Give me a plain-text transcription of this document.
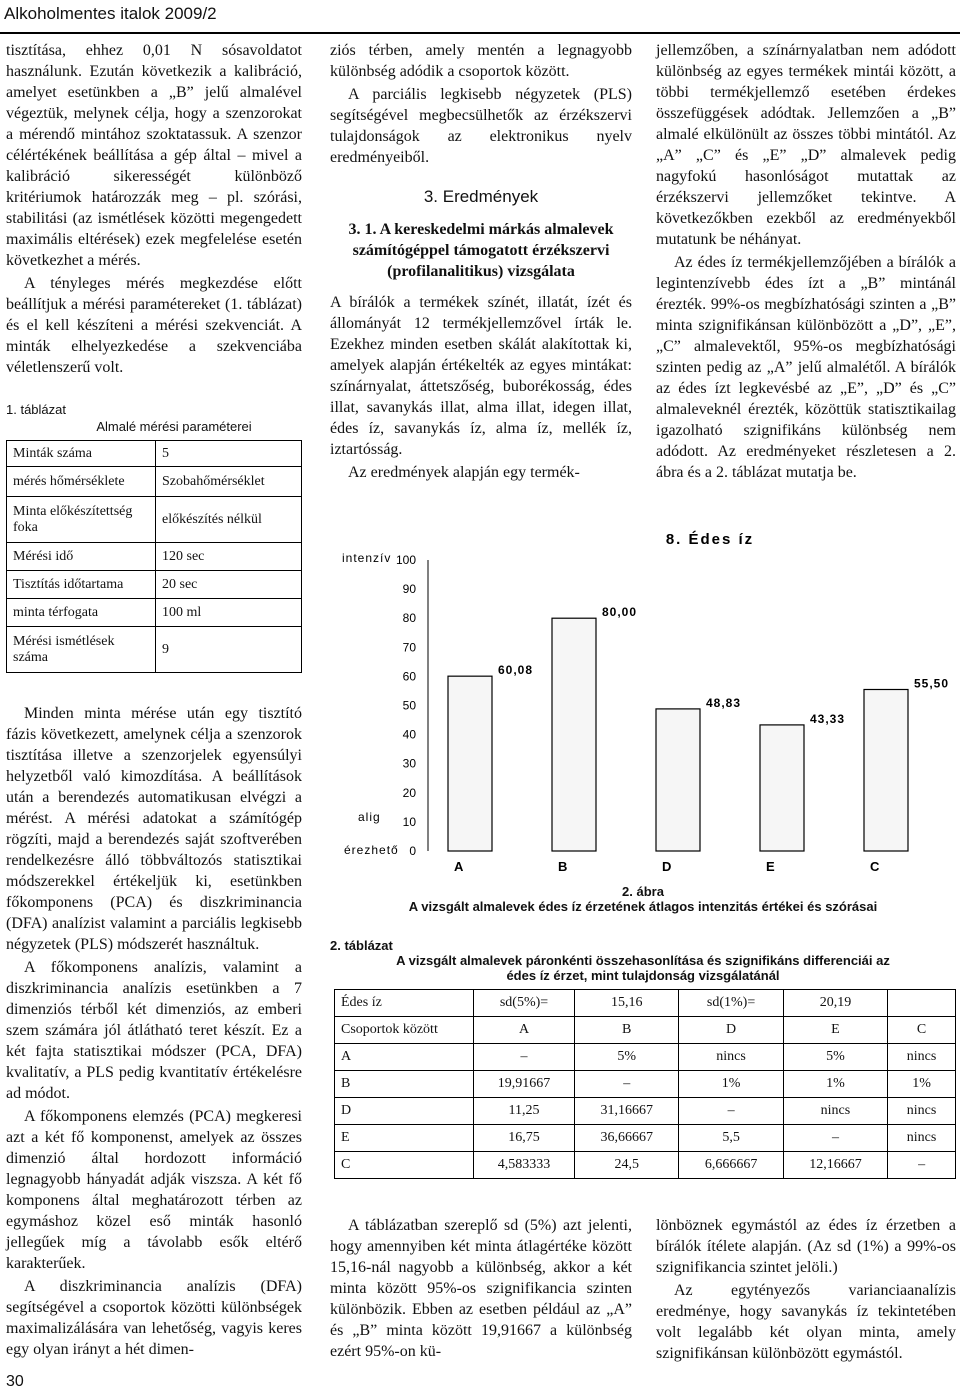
Alkoholmentes italok 2009/2

tisztítása, ehhez 0,01 N sósavoldatot használunk. Ezután következik a kalibráció, amelyet esetünkben a „B” jelű almalével végeztük, melynek célja, hogy a szenzorokat a mérendő mintához szoktatassuk. A szenzor célértékének beállítása a gép által – mivel a kalibráció sikerességét különböző kritériumok határozzák meg – pl. szórási, stabilitási (az ismétlések közötti megengedett maximális eltérések) ezek megfelelése esetén következhet a mérés.

A tényleges mérés megkezdése előtt beállítjuk a mérési paramétereket (1. táblázat) és el kell készíteni a mérési szekvenciát. A minták elhelyezkedése a szekvenciába véletlenszerű volt.

1. táblázat
Almalé mérési paraméterei
Minták száma	5
mérés hőmérséklete	Szobahőmérséklet
Minta előkészítettség foka	előkészítés nélkül
Mérési idő	120 sec
Tisztítás időtartama	20 sec
minta térfogata	100 ml
Mérési ismétlések száma	9

Minden minta mérése után egy tisztító fázis következett, amelynek célja a szenzorok tisztítása illetve a szenzorjelek egyensúlyi helyzetből való kimozdítása. A beállítások után a berendezés automatikusan elvégzi a mérést. A mérési adatokat a számítógép rögzíti, majd a berendezés saját szoftverében rendelkezésre álló többváltozós statisztikai módszerekkel értékeljük ki, esetünkben főkomponens (PCA) és diszkriminancia (DFA) analízist valamint a parciális legkisebb négyzetek (PLS) módszerét használtuk.

A főkomponens analízis, valamint a diszkriminancia analízis esetünkben a 7 dimenziós térből két dimenziós, az emberi szem számára jól átlátható teret készít. Ez a két fajta statisztikai módszer (PCA, DFA) kvalitatív, a PLS pedig kvantitatív értékelésre ad módot.

A főkomponens elemzés (PCA) megkeresi azt a két fő komponenst, amelyek az összes dimenzió által hordozott információ legnagyobb hányadát adják viszsza. A két fő komponens által meghatározott térben az egymáshoz közel eső minták hasonló jellegűek míg a távolabb esők eltérő karakterűek.

A diszkriminancia analízis (DFA) segítségével a csoportok közötti különbségek maximalizálására van lehetőség, vagyis keres egy olyan irányt a hét dimen-

ziós térben, amely mentén a legnagyobb különbség adódik a csoportok között.

A parciális legkisebb négyzetek (PLS) segítségével megbecsülhetők az érzékszervi tulajdonságok az elektronikus nyelv eredményeiből.

3. Eredmények
3. 1. A kereskedelmi márkás almalevek számítógéppel támogatott érzékszervi (profilanalitikus) vizsgálata

A bírálók a termékek színét, illatát, ízét és állományát 12 termékjellemzővel írták le. Ezekhez minden esetben skálát alakítottak ki, amelyek alapján értékelték az egyes mintákat: színárnyalat, áttetszőség, buborékosság, édes illat, savanykás illat, alma illat, idegen illat, édes íz, savanykás íz, alma íz, mellék íz, iztartósság.

Az eredmények alapján egy termék-

jellemzőben, a színárnyalatban nem adódott különbség az egyes termékek mintái között, a többi termékjellemző esetében érdekes összefüggések adódtak. Jellemzően a „B” almalé elkülönült az összes többi mintától. Az „A” „C” és „E” „D” almalevek pedig nagyfokú hasonlóságot mutattak az érzékszervi jellemzőket tekintve. A következőkben ezekből az eredményekből mutatunk be néhányat.

Az édes íz termékjellemzőjében a bírálók a legintenzívebb édes ízt a „B” mintánál érezték. 99%-os megbízhatósági szinten a „B” minta szignifikánsan különbözött a „D”, „E”, „C” almalevektől, 95%-os megbízhatósági szinten pedig az „A” jelű almalétől. A bírálók az édes ízt legkevésbé az „E”, „D” és „C” almaleveknél érezték, közöttük statisztikailag igazolható szignifikáns különbség nem adódott. Az eredményeket részletesen a 2. ábra és a 2. táblázat mutatja be.

8. Édes íz
intenzív
alig
érezhető 0
10
20
30
40
50
60
70
80
90
100
60,08
A
80,00
B
48,83
D
43,33
E
55,50
C
2. ábra
A vizsgált almalevek édes íz érzetének átlagos intenzitás értékei és szórásai
2. táblázat
A vizsgált almalevek páronkénti összehasonlítása és szignifikáns differenciái az édes íz érzet, mint tulajdonság vizsgálatánál
Édes íz	sd(5%)=	15,16	sd(1%)=	20,19	
Csoportok között	A	B	D	E	C
A	–	5%	nincs	5%	nincs
B	19,91667	–	1%	1%	1%
D	11,25	31,16667	–	nincs	nincs
E	16,75	36,66667	5,5	–	nincs
C	4,583333	24,5	6,666667	12,16667	–

A táblázatban szereplő sd (5%) azt jelenti, hogy amennyiben két minta átlagértéke között 15,16-nál nagyobb a különbség, akkor a két minta között 95%-os szignifikancia szinten különbözik. Ebben az esetben például az „A” és „B” minta között 19,91667 a különbség ezért 95%-on kü-

lönböznek egymástól az édes íz érzetben a bírálók ítélete alapján. (Az sd (1%) a 99%-os szignifikancia szintet jelöli.)

Az egytényezős varianciaanalízis eredménye, hogy savanykás íz tekintetében volt legalább két olyan minta, amely szignifikánsan különbözött egymástól.

30
